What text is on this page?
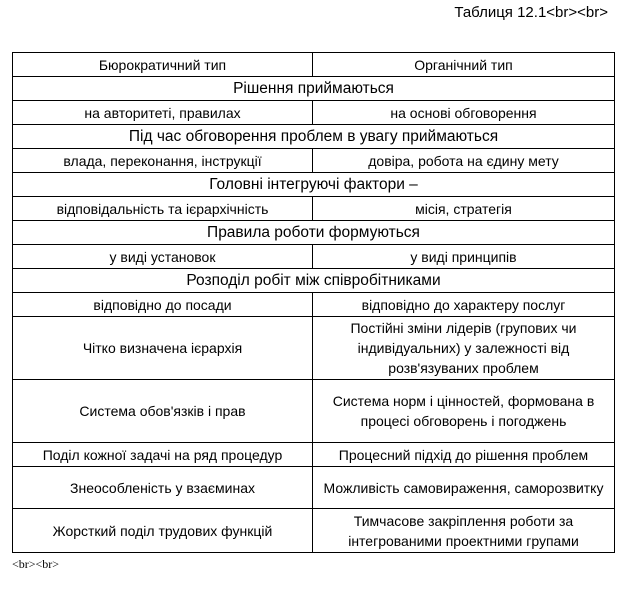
Таблиця 12.1<br><br>

Бюрократичний тип	Органічний тип
Рішення приймаються	
на авторитеті, правилах	на основі обговорення
Під час обговорення проблем в увагу приймаються	
влада, переконання, інструкції	довіра, робота на єдину мету
Головні інтегруючі фактори –	
відповідальність та ієрархічність	місія, стратегія
Правила роботи формуються	
у виді установок	у виді принципів
Розподіл робіт між співробітниками	
відповідно до посади	відповідно до характеру послуг
Чітко визначена ієрархія	Постійні зміни лідерів (групових чи індивідуальних) у залежності від розв'язуваних проблем
Система обов'язків і прав	Система норм і цінностей, формована в процесі обговорень і погоджень
Поділ кожної задачі на ряд процедур	Процесний підхід до рішення проблем
Знеособленість у взаєминах	Можливість самовираження, саморозвитку
Жорсткий поділ трудових функцій	Тимчасове закріплення роботи за інтегрованими проектними групами

<br><br>
